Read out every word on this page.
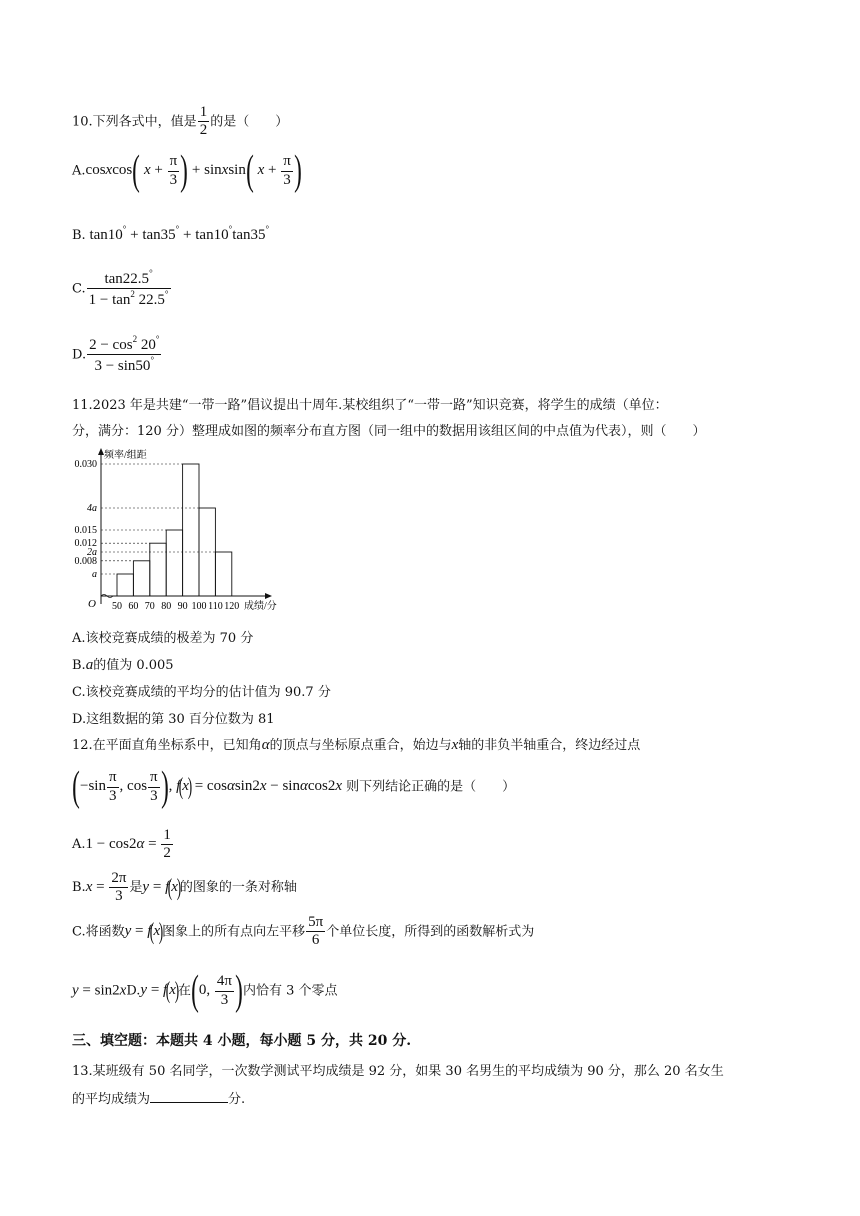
10.下列各式中，值是 $\frac{1}{2}$ 的是（　　）
A.cosxcos( $x + \frac{\pi}{3}$ ) + sinxsin( $x + \frac{\pi}{3}$ )
B. tan10° + tan35° + tan10°tan35°
C. $\frac{\tan 22.5^\circ}{1 - \tan^2 22.5^\circ}$
D. $\frac{2 - \cos^2 20^\circ}{3 - \sin 50^\circ}$
11.2023 年是共建“一带一路”倡议提出十周年.某校组织了“一带一路”知识竞赛，将学生的成绩（单位：
分，满分：120 分）整理成如图的频率分布直方图（同一组中的数据用该组区间的中点值为代表），则（　　）
频率/组距
成绩/分
O
0.030
4a
0.015
0.012
2a
0.008
a
50 60 70 80 90 100 110 120
A.该校竞赛成绩的极差为 70 分
B.a的值为 0.005
C.该校竞赛成绩的平均分的估计值为 90.7 分
D.这组数据的第 30 百分位数为 81
12.在平面直角坐标系中，已知角α的顶点与坐标原点重合，始边与x轴的非负半轴重合，终边经过点
($-\sin \frac{\pi}{3}$ , $\cos \frac{\pi}{3}$ ), f(x) = cosαsin2x − sinαcos2x 则下列结论正确的是（　　）
$A.1 - \cos 2\alpha = \frac{1}{2}$
$B.x = \frac{2\pi}{3}$ 是y = f(x)的图象的一条对称轴
C.将函数y = f(x)图象上的所有点向左平移 $\frac{5\pi}{6}$ 个单位长度，所得到的函数解析式为
y = sin2xD.y = f(x)在(0, $\frac{4\pi}{3}$ )内恰有 3 个零点
三、填空题：本题共 4 小题，每小题 5 分，共 20 分.
13.某班级有 50 名同学，一次数学测试平均成绩是 92 分，如果 30 名男生的平均成绩为 90 分，那么 20 名女生
的平均成绩为	分.
